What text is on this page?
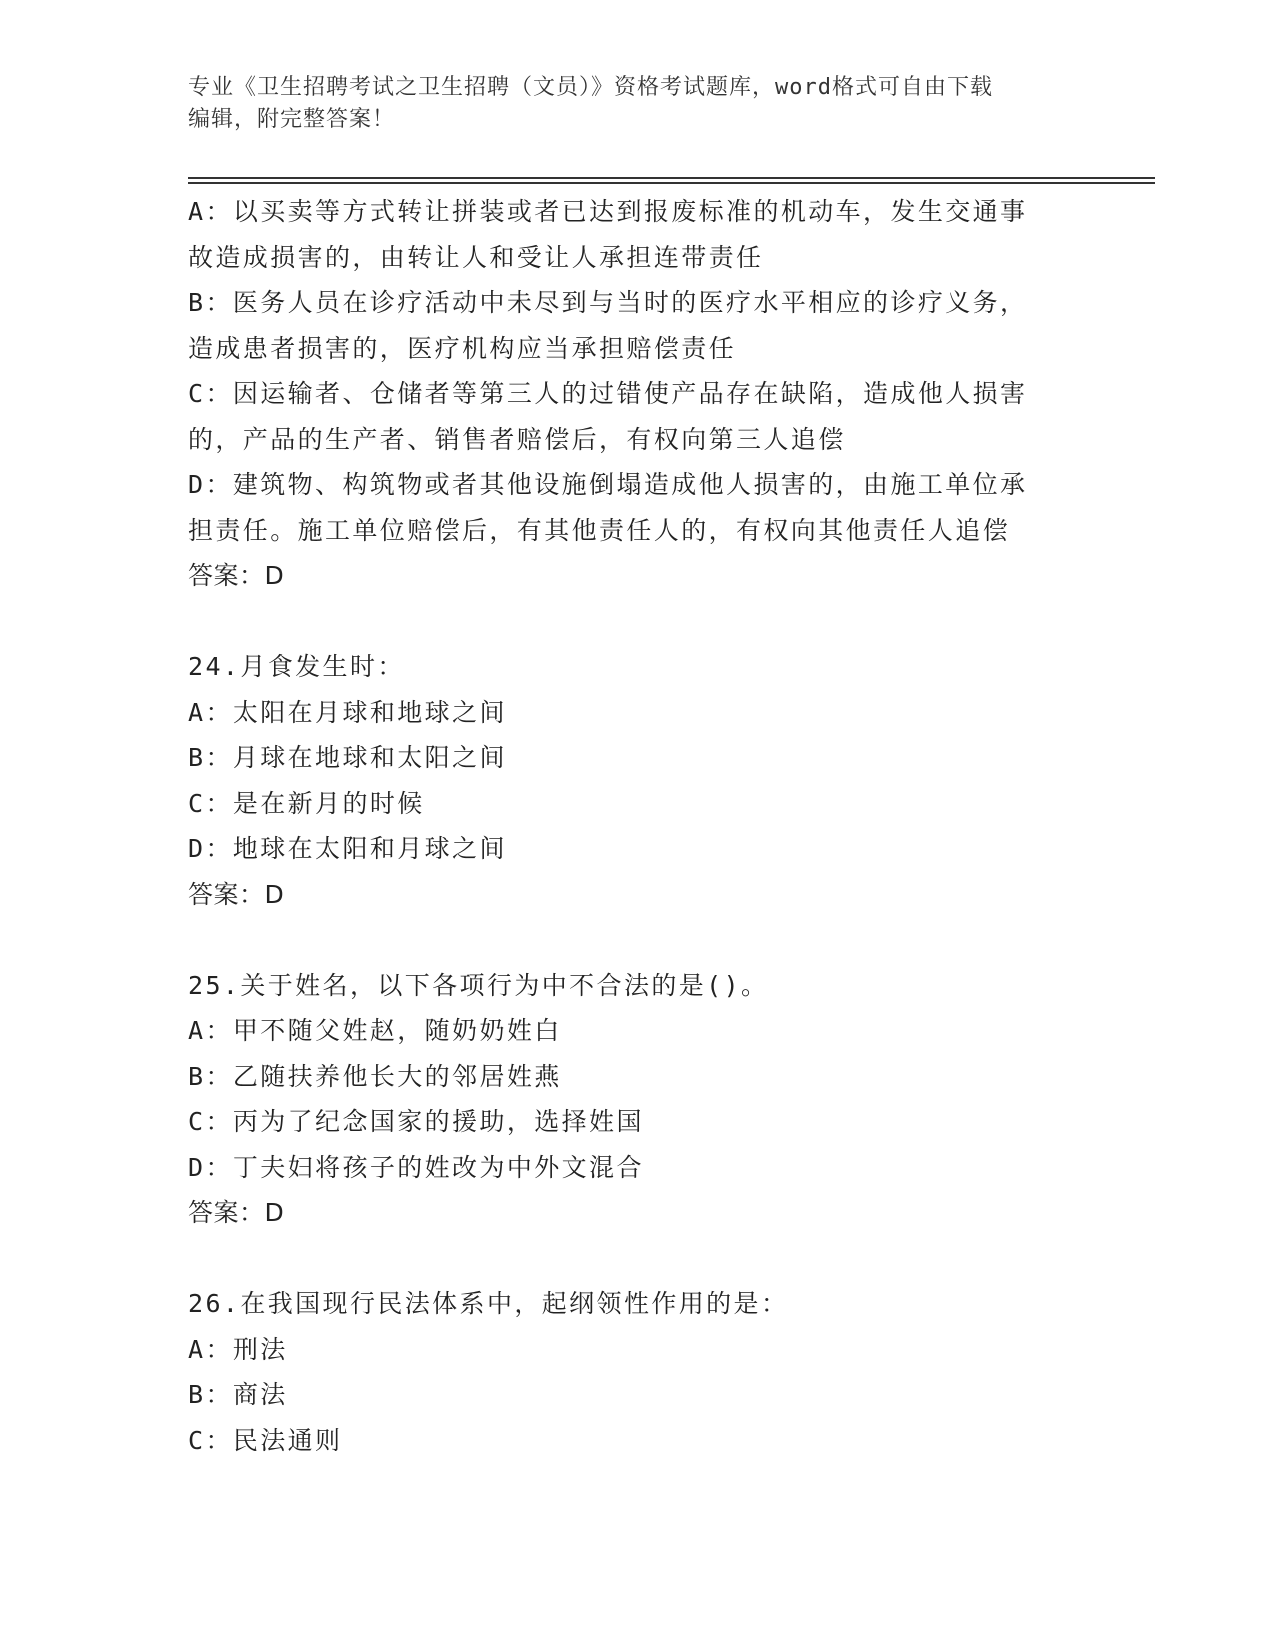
专业《卫生招聘考试之卫生招聘（文员）》资格考试题库，word格式可自由下载
编辑，附完整答案！
A：以买卖等方式转让拼装或者已达到报废标准的机动车，发生交通事
故造成损害的，由转让人和受让人承担连带责任
B：医务人员在诊疗活动中未尽到与当时的医疗水平相应的诊疗义务，
造成患者损害的，医疗机构应当承担赔偿责任
C：因运输者、仓储者等第三人的过错使产品存在缺陷，造成他人损害
的，产品的生产者、销售者赔偿后，有权向第三人追偿
D：建筑物、构筑物或者其他设施倒塌造成他人损害的，由施工单位承
担责任。施工单位赔偿后，有其他责任人的，有权向其他责任人追偿
答案：D
24.月食发生时：
A：太阳在月球和地球之间
B：月球在地球和太阳之间
C：是在新月的时候
D：地球在太阳和月球之间
答案：D
25.关于姓名，以下各项行为中不合法的是()。
A：甲不随父姓赵，随奶奶姓白
B：乙随扶养他长大的邻居姓燕
C：丙为了纪念国家的援助，选择姓国
D：丁夫妇将孩子的姓改为中外文混合
答案：D
26.在我国现行民法体系中，起纲领性作用的是：
A：刑法
B：商法
C：民法通则
